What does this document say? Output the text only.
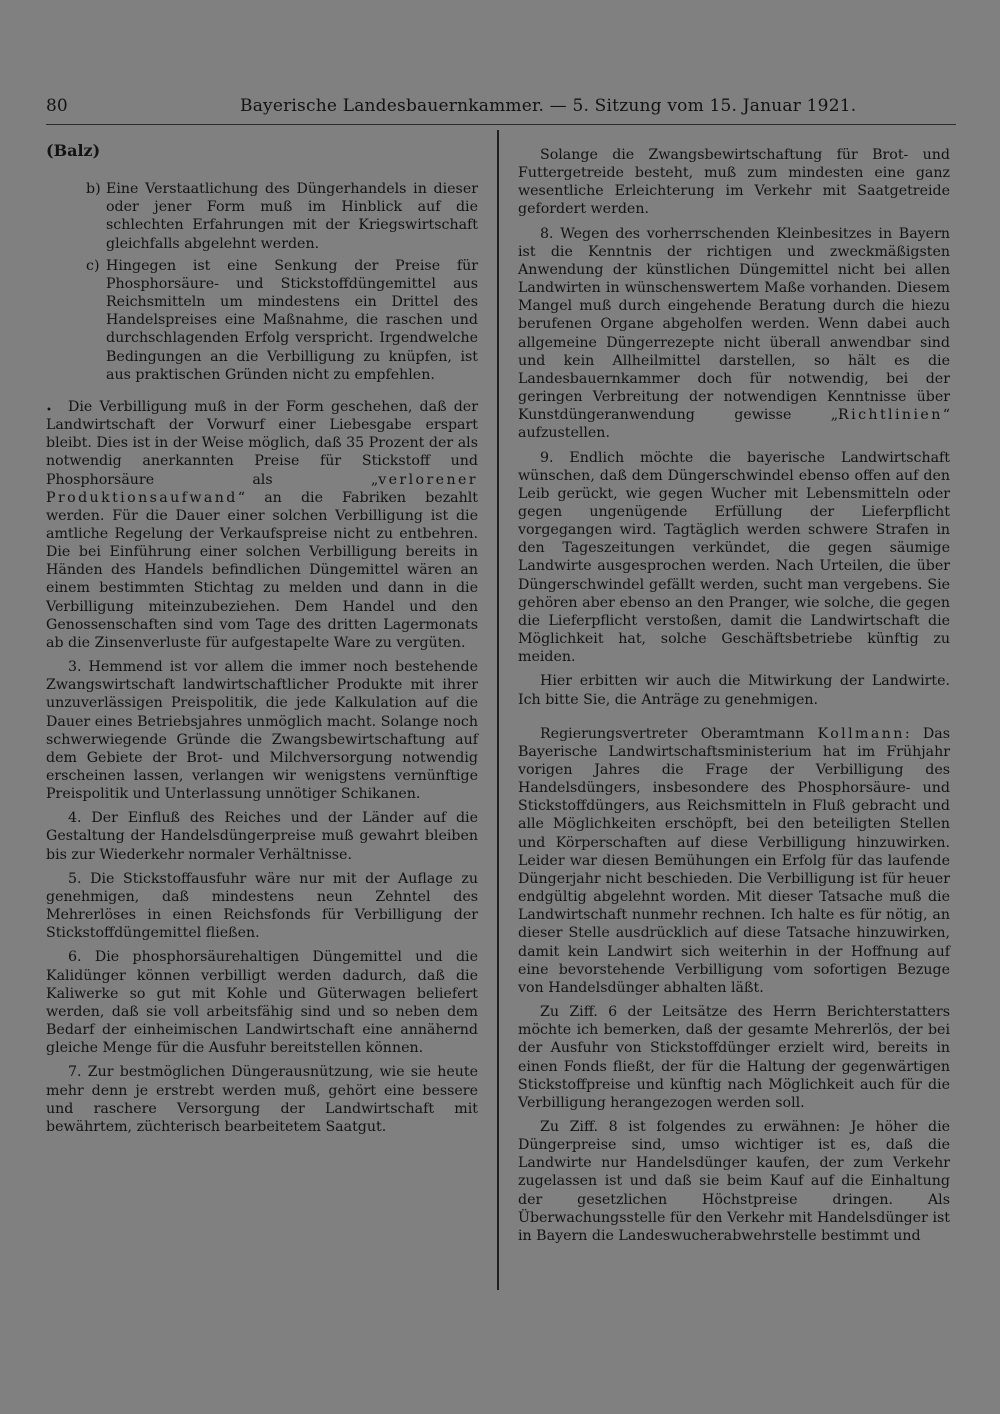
80	Bayerische Landesbauernkammer. — 5. Sitzung vom 15. Januar 1921.
•
(Balz)
b) Eine Verstaatlichung des Düngerhandels in dieser oder jener Form muß im Hinblick auf die schlechten Erfahrungen mit der Kriegswirtschaft gleichfalls abgelehnt werden.
c) Hingegen ist eine Senkung der Preise für Phosphorsäure- und Stickstoffdüngemittel aus Reichsmitteln um mindestens ein Drittel des Handelspreises eine Maßnahme, die raschen und durchschlagenden Erfolg verspricht. Irgendwelche Bedingungen an die Verbilligung zu knüpfen, ist aus praktischen Gründen nicht zu empfehlen.

Die Verbilligung muß in der Form geschehen, daß der Landwirtschaft der Vorwurf einer Liebesgabe erspart bleibt. Dies ist in der Weise möglich, daß 35 Prozent der als notwendig anerkannten Preise für Stickstoff und Phosphorsäure als „verlorener Produktionsaufwand“ an die Fabriken bezahlt werden. Für die Dauer einer solchen Verbilligung ist die amtliche Regelung der Verkaufspreise nicht zu entbehren. Die bei Einführung einer solchen Verbilligung bereits in Händen des Handels befindlichen Düngemittel wären an einem bestimmten Stichtag zu melden und dann in die Verbilligung miteinzubeziehen. Dem Handel und den Genossenschaften sind vom Tage des dritten Lagermonats ab die Zinsenverluste für aufgestapelte Ware zu vergüten.

3. Hemmend ist vor allem die immer noch bestehende Zwangswirtschaft landwirtschaftlicher Produkte mit ihrer unzuverlässigen Preispolitik, die jede Kalkulation auf die Dauer eines Betriebsjahres unmöglich macht. Solange noch schwerwiegende Gründe die Zwangsbewirtschaftung auf dem Gebiete der Brot- und Milchversorgung notwendig erscheinen lassen, verlangen wir wenigstens vernünftige Preispolitik und Unterlassung unnötiger Schikanen.

4. Der Einfluß des Reiches und der Länder auf die Gestaltung der Handelsdüngerpreise muß gewahrt bleiben bis zur Wiederkehr normaler Verhältnisse.

5. Die Stickstoffausfuhr wäre nur mit der Auflage zu genehmigen, daß mindestens neun Zehntel des Mehrerlöses in einen Reichsfonds für Verbilligung der Stickstoffdüngemittel fließen.

6. Die phosphorsäurehaltigen Düngemittel und die Kalidünger können verbilligt werden dadurch, daß die Kaliwerke so gut mit Kohle und Güterwagen beliefert werden, daß sie voll arbeitsfähig sind und so neben dem Bedarf der einheimischen Landwirtschaft eine annähernd gleiche Menge für die Ausfuhr bereitstellen können.

7. Zur bestmöglichen Düngerausnützung, wie sie heute mehr denn je erstrebt werden muß, gehört eine bessere und raschere Versorgung der Landwirtschaft mit bewährtem, züchterisch bearbeitetem Saatgut.

Solange die Zwangsbewirtschaftung für Brot- und Futtergetreide besteht, muß zum mindesten eine ganz wesentliche Erleichterung im Verkehr mit Saatgetreide gefordert werden.

8. Wegen des vorherrschenden Kleinbesitzes in Bayern ist die Kenntnis der richtigen und zweckmäßigsten Anwendung der künstlichen Düngemittel nicht bei allen Landwirten in wünschenswertem Maße vorhanden. Diesem Mangel muß durch eingehende Beratung durch die hiezu berufenen Organe abgeholfen werden. Wenn dabei auch allgemeine Düngerrezepte nicht überall anwendbar sind und kein Allheilmittel darstellen, so hält es die Landesbauernkammer doch für notwendig, bei der geringen Verbreitung der notwendigen Kenntnisse über Kunstdüngeranwendung gewisse „Richtlinien“ aufzustellen.

9. Endlich möchte die bayerische Landwirtschaft wünschen, daß dem Düngerschwindel ebenso offen auf den Leib gerückt, wie gegen Wucher mit Lebensmitteln oder gegen ungenügende Erfüllung der Lieferpflicht vorgegangen wird. Tagtäglich werden schwere Strafen in den Tageszeitungen verkündet, die gegen säumige Landwirte ausgesprochen werden. Nach Urteilen, die über Düngerschwindel gefällt werden, sucht man vergebens. Sie gehören aber ebenso an den Pranger, wie solche, die gegen die Lieferpflicht verstoßen, damit die Landwirtschaft die Möglichkeit hat, solche Geschäftsbetriebe künftig zu meiden.

Hier erbitten wir auch die Mitwirkung der Landwirte. Ich bitte Sie, die Anträge zu genehmigen.

Regierungsvertreter Oberamtmann Kollmann: Das Bayerische Landwirtschaftsministerium hat im Frühjahr vorigen Jahres die Frage der Verbilligung des Handelsdüngers, insbesondere des Phosphorsäure- und Stickstoffdüngers, aus Reichsmitteln in Fluß gebracht und alle Möglichkeiten erschöpft, bei den beteiligten Stellen und Körperschaften auf diese Verbilligung hinzuwirken. Leider war diesen Bemühungen ein Erfolg für das laufende Düngerjahr nicht beschieden. Die Verbilligung ist für heuer endgültig abgelehnt worden. Mit dieser Tatsache muß die Landwirtschaft nunmehr rechnen. Ich halte es für nötig, an dieser Stelle ausdrücklich auf diese Tatsache hinzuwirken, damit kein Landwirt sich weiterhin in der Hoffnung auf eine bevorstehende Verbilligung vom sofortigen Bezuge von Handelsdünger abhalten läßt.

Zu Ziff. 6 der Leitsätze des Herrn Berichterstatters möchte ich bemerken, daß der gesamte Mehrerlös, der bei der Ausfuhr von Stickstoffdünger erzielt wird, bereits in einen Fonds fließt, der für die Haltung der gegenwärtigen Stickstoffpreise und künftig nach Möglichkeit auch für die Verbilligung herangezogen werden soll.

Zu Ziff. 8 ist folgendes zu erwähnen: Je höher die Düngerpreise sind, umso wichtiger ist es, daß die Landwirte nur Handelsdünger kaufen, der zum Verkehr zugelassen ist und daß sie beim Kauf auf die Einhaltung der gesetzlichen Höchstpreise dringen. Als Überwachungsstelle für den Verkehr mit Handelsdünger ist in Bayern die Landeswucherabwehrstelle bestimmt und
